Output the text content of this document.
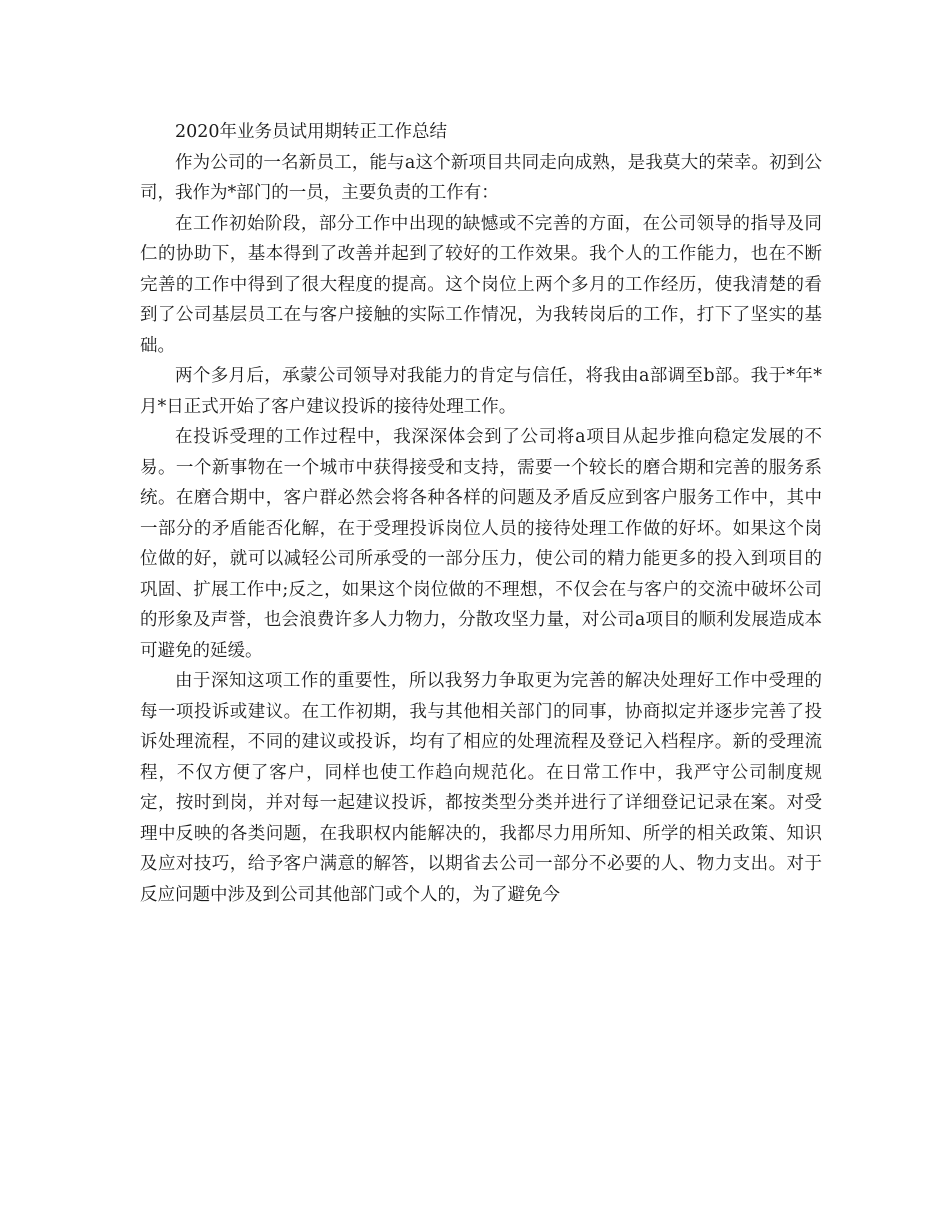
2020年业务员试用期转正工作总结

作为公司的一名新员工，能与a这个新项目共同走向成熟，是我莫大的荣幸。初到公司，我作为*部门的一员，主要负责的工作有：

在工作初始阶段，部分工作中出现的缺憾或不完善的方面，在公司领导的指导及同仁的协助下，基本得到了改善并起到了较好的工作效果。我个人的工作能力，也在不断完善的工作中得到了很大程度的提高。这个岗位上两个多月的工作经历，使我清楚的看到了公司基层员工在与客户接触的实际工作情况，为我转岗后的工作，打下了坚实的基础。

两个多月后，承蒙公司领导对我能力的肯定与信任，将我由a部调至b部。我于*年*月*日正式开始了客户建议投诉的接待处理工作。

在投诉受理的工作过程中，我深深体会到了公司将a项目从起步推向稳定发展的不易。一个新事物在一个城市中获得接受和支持，需要一个较长的磨合期和完善的服务系统。在磨合期中，客户群必然会将各种各样的问题及矛盾反应到客户服务工作中，其中一部分的矛盾能否化解，在于受理投诉岗位人员的接待处理工作做的好坏。如果这个岗位做的好，就可以减轻公司所承受的一部分压力，使公司的精力能更多的投入到项目的巩固、扩展工作中;反之，如果这个岗位做的不理想，不仅会在与客户的交流中破坏公司的形象及声誉，也会浪费许多人力物力，分散攻坚力量，对公司a项目的顺利发展造成本可避免的延缓。

由于深知这项工作的重要性，所以我努力争取更为完善的解决处理好工作中受理的每一项投诉或建议。在工作初期，我与其他相关部门的同事，协商拟定并逐步完善了投诉处理流程，不同的建议或投诉，均有了相应的处理流程及登记入档程序。新的受理流程，不仅方便了客户，同样也使工作趋向规范化。在日常工作中，我严守公司制度规定，按时到岗，并对每一起建议投诉，都按类型分类并进行了详细登记记录在案。对受理中反映的各类问题，在我职权内能解决的，我都尽力用所知、所学的相关政策、知识及应对技巧，给予客户满意的解答，以期省去公司一部分不必要的人、物力支出。对于反应问题中涉及到公司其他部门或个人的，为了避免今
